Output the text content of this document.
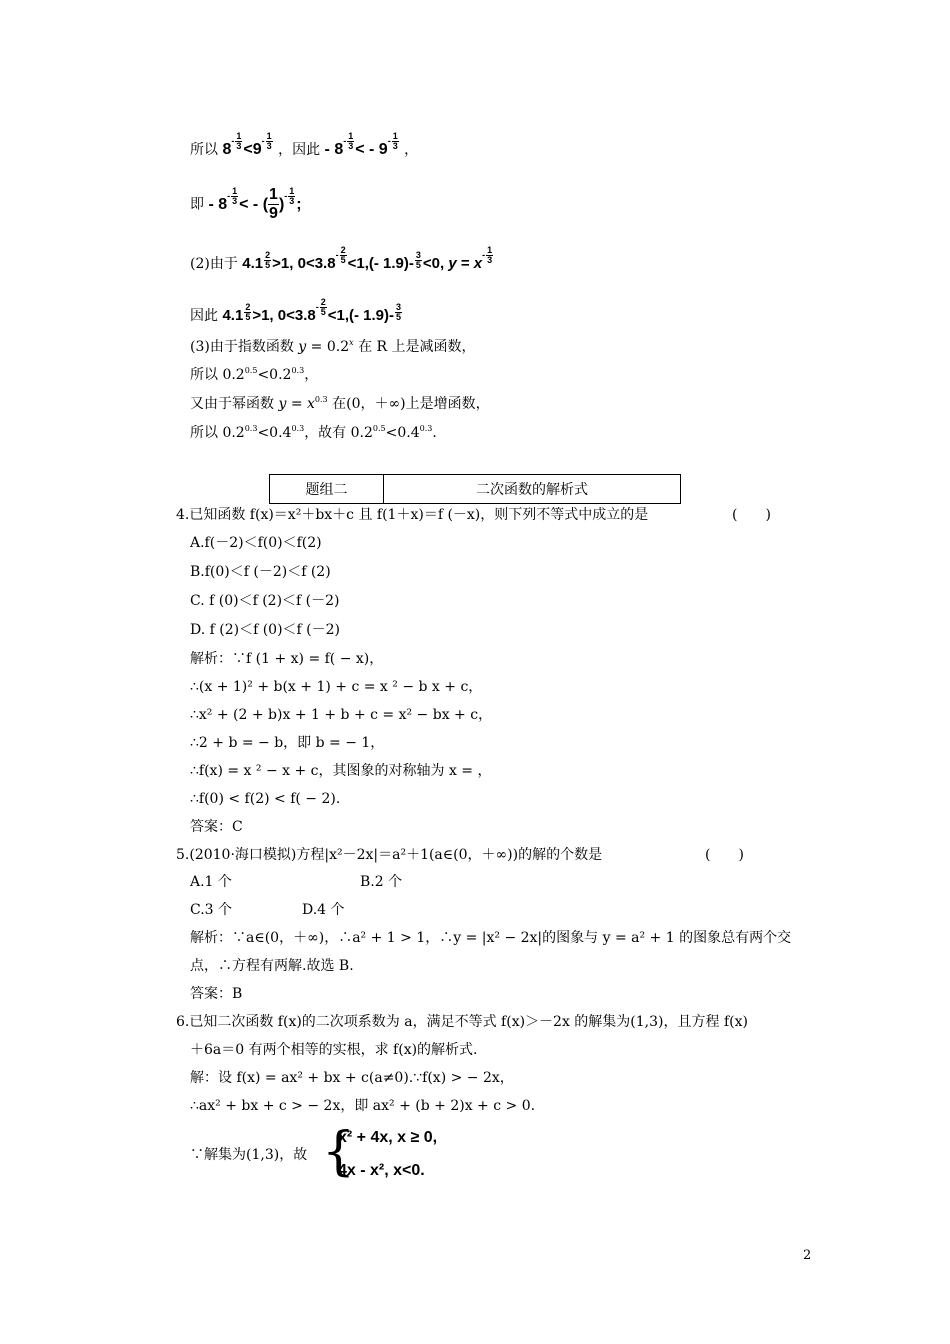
所以 $8- \frac{1}{3} <9- \frac{1}{3}$ ，因此 - $8- \frac{1}{3}$ < - $9- \frac{1}{3}$ ，
即 - $8- \frac{1}{3}$ < - ( $\frac{1}{9}$ )- $\frac{1}{3}$ ;
(2)由于 $4.1 \frac{2}{5} >1$, $0<3.8- \frac{2}{5} <1,(-$ $1.9)- \frac{3}{5} <0$, $y = x- \frac{1}{3}$
因此 $4.1 \frac{2}{5} >1$, $0<3.8- \frac{2}{5} <1,(-$ $1.9)- \frac{3}{5}$
(3)由于指数函数 $y = 0.2^x$ 在 R 上是减函数，
所以 $0.2^{0.5}<0.2^{0.3}$，
又由于幂函数 $y = x^{0.3}$ 在(0，＋∞)上是增函数，
所以 $0.2^{0.3}<0.4^{0.3}$，故有 $0.2^{0.5}<0.4^{0.3}$.
题组二	二次函数的解析式
4.已知函数 f(x)＝x²＋bx＋c 且 f(1＋x)＝f (－x)，则下列不等式中成立的是	(　　)
A.f(－2)＜f(0)＜f(2)
B.f(0)＜f (－2)＜f (2)
C. f (0)＜f (2)＜f (－2)
D. f (2)＜f (0)＜f (－2)
解析：∵f (1 + x) = f( − x)，
∴(x + 1)² + b(x + 1) + c = x ² − b x + c，
∴x² + (2 + b)x + 1 + b + c = x² − bx + c，
∴2 + b = − b，即 b = − 1，
∴f(x) = x ² − x + c，其图象的对称轴为 x = ，
∴f(0) < f(2) < f( − 2).
答案：C
5.(2010·海口模拟)方程|x²－2x|＝a²＋1(a∈(0，＋∞))的解的个数是	(　　)
A.1 个	B.2 个
C.3 个	D.4 个
解析：∵a∈(0，＋∞)，∴a² + 1 > 1，∴y = |x² − 2x|的图象与 y = a² + 1 的图象总有两个交
点，∴方程有两解.故选 B.
答案：B
6.已知二次函数 f(x)的二次项系数为 a，满足不等式 f(x)＞－2x 的解集为(1,3)，且方程 f(x)
＋6a＝0 有两个相等的实根，求 f(x)的解析式.
解：设 f(x) = ax² + bx + c(a≠0).∵f(x) > − 2x，
∴ax² + bx + c > − 2x，即 ax² + (b + 2)x + c > 0.
∵解集为(1,3)，故 {
x² + 4x, x ≥ 0,
4x - x², x<0.
2
